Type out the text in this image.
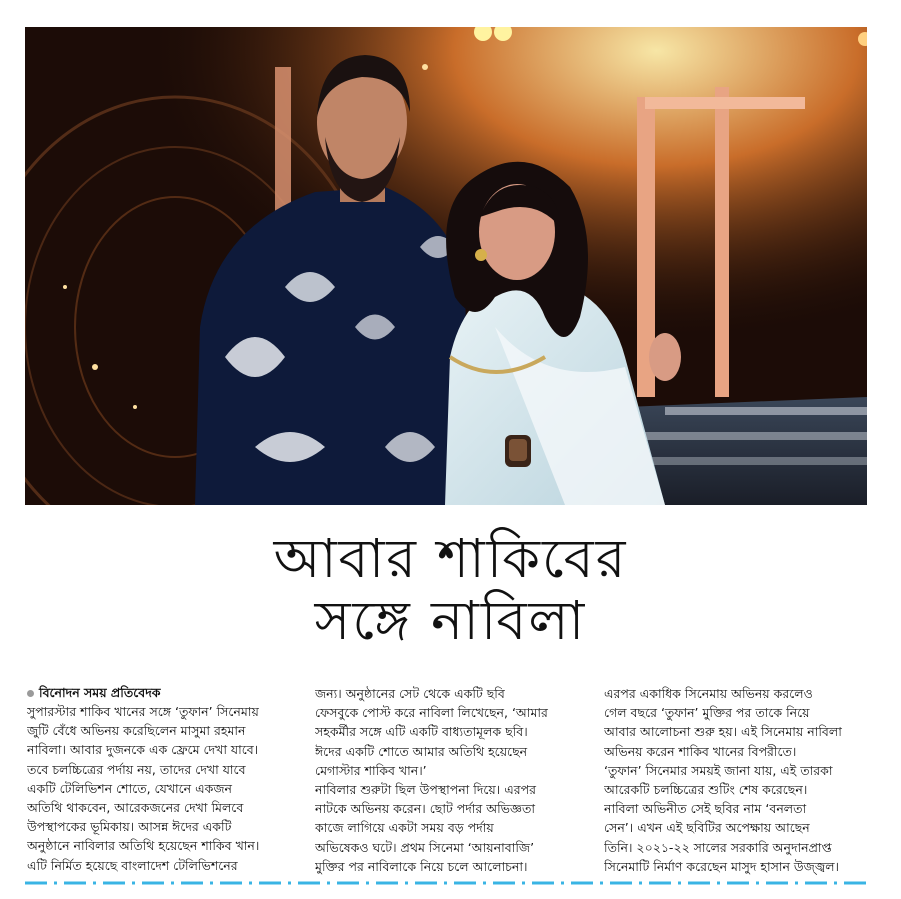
আবার শাকিবের
সঙ্গে নাবিলা
বিনোদন সময় প্রতিবেদক
সুপারস্টার শাকিব খানের সঙ্গে ‘তুফান’ সিনেমায়
জুটি বেঁধে অভিনয় করেছিলেন মাসুমা রহমান
নাবিলা। আবার দুজনকে এক ফ্রেমে দেখা যাবে।
তবে চলচ্চিত্রের পর্দায় নয়, তাদের দেখা যাবে
একটি টেলিভিশন শোতে, যেখানে একজন
অতিথি থাকবেন, আরেকজনের দেখা মিলবে
উপস্থাপকের ভূমিকায়। আসন্ন ঈদের একটি
অনুষ্ঠানে নাবিলার অতিথি হয়েছেন শাকিব খান।
এটি নির্মিত হয়েছে বাংলাদেশ টেলিভিশনের
জন্য। অনুষ্ঠানের সেট থেকে একটি ছবি
ফেসবুকে পোস্ট করে নাবিলা লিখেছেন, ‘আমার
সহকর্মীর সঙ্গে এটি একটি বাধ্যতামূলক ছবি।
ঈদের একটি শোতে আমার অতিথি হয়েছেন
মেগাস্টার শাকিব খান।’
নাবিলার শুরুটা ছিল উপস্থাপনা দিয়ে। এরপর
নাটকে অভিনয় করেন। ছোট পর্দার অভিজ্ঞতা
কাজে লাগিয়ে একটা সময় বড় পর্দায়
অভিষেকও ঘটে। প্রথম সিনেমা ‘আয়নাবাজি’
মুক্তির পর নাবিলাকে নিয়ে চলে আলোচনা।
এরপর একাধিক সিনেমায় অভিনয় করলেও
গেল বছরে ‘তুফান’ মুক্তির পর তাকে নিয়ে
আবার আলোচনা শুরু হয়। এই সিনেমায় নাবিলা
অভিনয় করেন শাকিব খানের বিপরীতে।
‘তুফান’ সিনেমার সময়ই জানা যায়, এই তারকা
আরেকটি চলচ্চিত্রের শুটিং শেষ করেছেন।
নাবিলা অভিনীত সেই ছবির নাম ‘বনলতা
সেন’। এখন এই ছবিটির অপেক্ষায় আছেন
তিনি। ২০২১-২২ সালের সরকারি অনুদানপ্রাপ্ত
সিনেমাটি নির্মাণ করেছেন মাসুদ হাসান উজ্জ্বল।
